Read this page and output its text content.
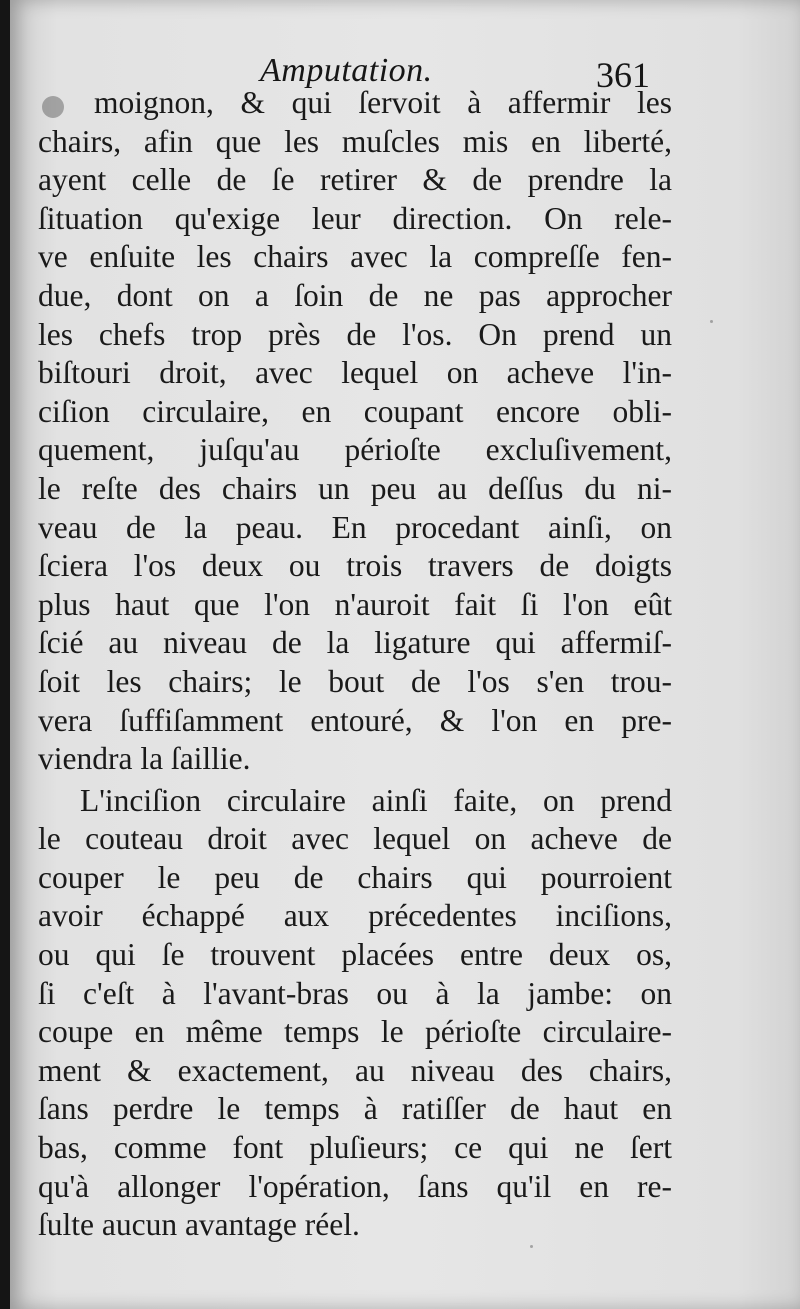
Amputation.	361
moignon, & qui ſervoit à affermir les
chairs, afin que les muſcles mis en liberté,
ayent celle de ſe retirer & de prendre la
ſituation qu'exige leur direction. On rele-
ve enſuite les chairs avec la compreſſe fen-
due, dont on a ſoin de ne pas approcher
les chefs trop près de l'os. On prend un
biſtouri droit, avec lequel on acheve l'in-
ciſion circulaire, en coupant encore obli-
quement, juſqu'au périoſte excluſivement,
le reſte des chairs un peu au deſſus du ni-
veau de la peau. En procedant ainſi, on
ſciera l'os deux ou trois travers de doigts
plus haut que l'on n'auroit fait ſi l'on eût
ſcié au niveau de la ligature qui affermiſ-
ſoit les chairs; le bout de l'os s'en trou-
vera ſuffiſamment entouré, & l'on en pre-
viendra la ſaillie.
L'inciſion circulaire ainſi faite, on prend
le couteau droit avec lequel on acheve de
couper le peu de chairs qui pourroient
avoir échappé aux précedentes inciſions,
ou qui ſe trouvent placées entre deux os,
ſi c'eſt à l'avant-bras ou à la jambe: on
coupe en même temps le périoſte circulaire-
ment & exactement, au niveau des chairs,
ſans perdre le temps à ratiſſer de haut en
bas, comme font pluſieurs; ce qui ne ſert
qu'à allonger l'opération, ſans qu'il en re-
ſulte aucun avantage réel.
